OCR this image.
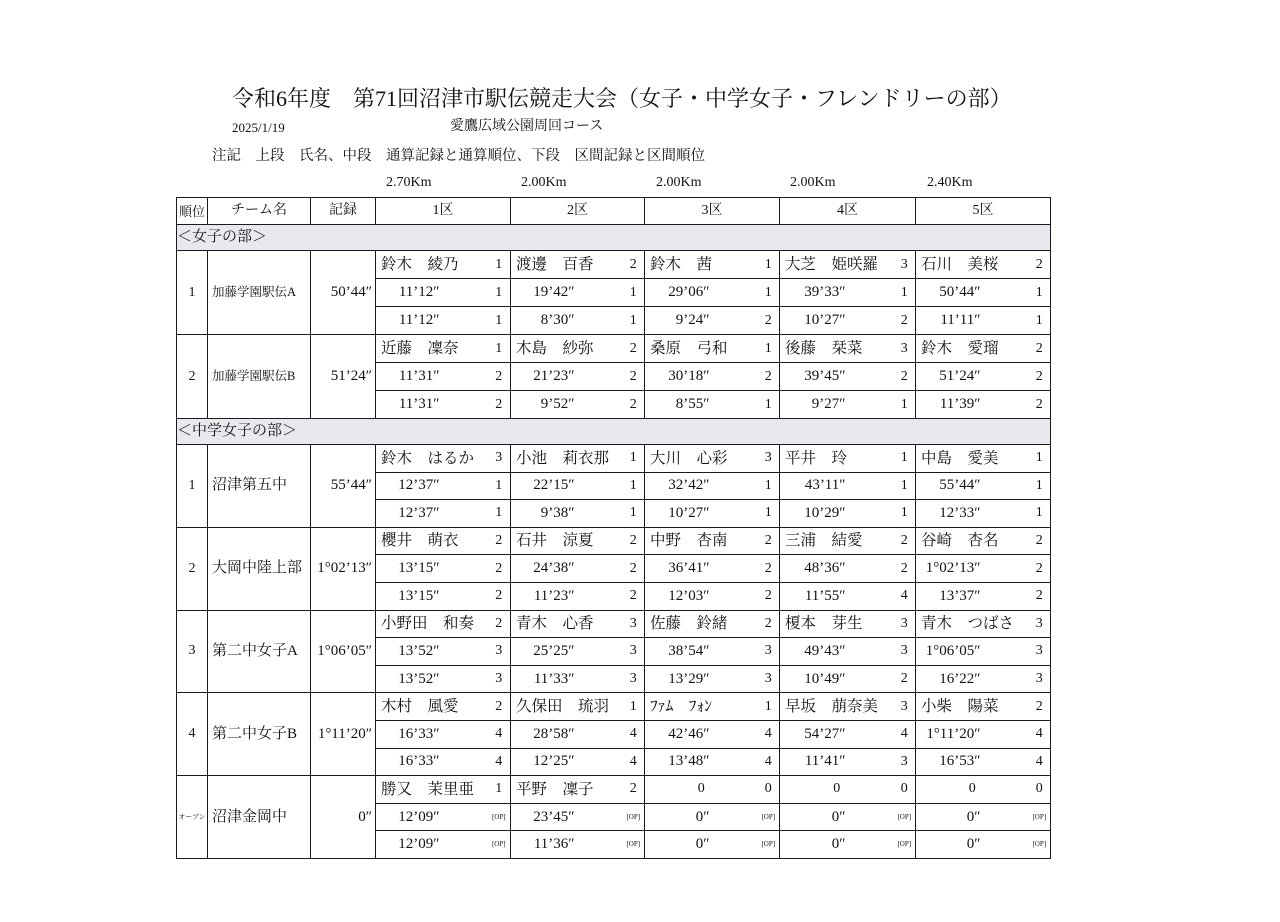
令和6年度　第71回沼津市駅伝競走大会（女子・中学女子・フレンドリーの部）
2025/1/19	愛鷹広域公園周回コース
注記　上段　氏名、中段　通算記録と通算順位、下段　区間記録と区間順位
2.70Km	2.00Km	2.00Km	2.00Km	2.40Km
順位	チーム名	記録	1区		2区		3区		4区		5区	
＜女子の部＞												
1	加藤学園駅伝A	50’44″	鈴木　綾乃	1	渡邊　百香	2	鈴木　茜	1	大芝　姫咲羅	3	石川　美桜	2
			11’12″	1	19’42″	1	29’06″	1	39’33″	1	50’44″	1
			11’12″	1	8’30″	1	9’24″	2	10’27″	2	11’11″	1
2	加藤学園駅伝B	51’24″	近藤　凜奈	1	木島　紗弥	2	桑原　弓和	1	後藤　栞菜	3	鈴木　愛瑠	2
			11’31″	2	21’23″	2	30’18″	2	39’45″	2	51’24″	2
			11’31″	2	9’52″	2	8’55″	1	9’27″	1	11’39″	2
＜中学女子の部＞												
1	沼津第五中	55’44″	鈴木　はるか	3	小池　莉衣那	1	大川　心彩	3	平井　玲	1	中島　愛美	1
			12’37″	1	22’15″	1	32’42″	1	43’11″	1	55’44″	1
			12’37″	1	9’38″	1	10’27″	1	10’29″	1	12’33″	1
2	大岡中陸上部	1°02’13″	櫻井　萌衣	2	石井　涼夏	2	中野　杏南	2	三浦　結愛	2	谷崎　杏名	2
			13’15″	2	24’38″	2	36’41″	2	48’36″	2	1°02’13″	2
			13’15″	2	11’23″	2	12’03″	2	11’55″	4	13’37″	2
3	第二中女子A	1°06’05″	小野田　和奏	2	青木　心香	3	佐藤　鈴緒	2	榎本　芽生	3	青木　つばさ	3
			13’52″	3	25’25″	3	38’54″	3	49’43″	3	1°06’05″	3
			13’52″	3	11’33″	3	13’29″	3	10’49″	2	16’22″	3
4	第二中女子B	1°11’20″	木村　風愛	2	久保田　琉羽	1	ﾌｧﾑ　ﾌｫﾝ	1	早坂　萠奈美	3	小柴　陽菜	2
			16’33″	4	28’58″	4	42’46″	4	54’27″	4	1°11’20″	4
			16’33″	4	12’25″	4	13’48″	4	11’41″	3	16’53″	4
オープン	沼津金岡中	0″	勝又　茉里亜	1	平野　凜子	2	0	0	0	0	0	0
			12’09″	[OP]	23’45″	[OP]	0″	[OP]	0″	[OP]	0″	[OP]
			12’09″	[OP]	11’36″	[OP]	0″	[OP]	0″	[OP]	0″	[OP]
